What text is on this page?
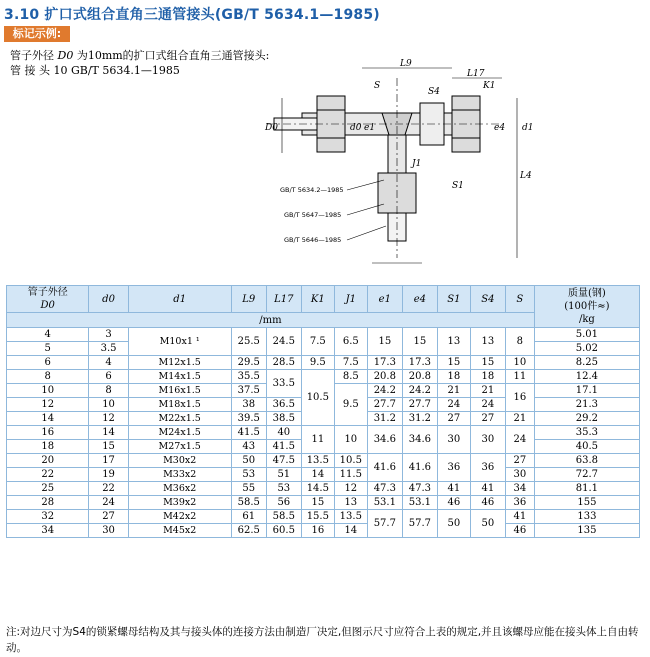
3.10 扩口式组合直角三通管接头(GB/T 5634.1—1985)
标记示例:
管子外径 D0 为10mm的扩口式组合直角三通管接头:
管 接 头 10 GB/T 5634.1—1985	L9
L17
K1
S
S4
D0	d0 e1	e4 d1
J1
S1
L4
GB/T 5634.2—1985
GB/T 5647—1985
GB/T 5646—1985
管子外径
D0	d0	d1	L9	L17	K1	J1	e1	e4	S1	S4	S	质量(钢)
(100件≈)
/kg
/mm												
4	3	M10x1 ¹	25.5	24.5	7.5	6.5	15	15	13	13	8	5.01
5	3.5											5.02
6	4	M12x1.5	29.5	28.5	9.5	7.5	17.3	17.3	15	15	10	8.25
8	6	M14x1.5	35.5	33.5	10.5	8.5	20.8	20.8	18	18	11	12.4
10	8	M16x1.5	37.5			9.5	24.2	24.2	21	21	16	17.1
12	10	M18x1.5	38	36.5			27.7	27.7	24	24		21.3
14	12	M22x1.5	39.5	38.5			31.2	31.2	27	27	21	29.2
16	14	M24x1.5	41.5	40	11	10	34.6	34.6	30	30	24	35.3
18	15	M27x1.5	43	41.5								40.5
20	17	M30x2	50	47.5	13.5	10.5	41.6	41.6	36	36	27	63.8
22	19	M33x2	53	51	14	11.5					30	72.7
25	22	M36x2	55	53	14.5	12	47.3	47.3	41	41	34	81.1
28	24	M39x2	58.5	56	15	13	53.1	53.1	46	46	36	155
32	27	M42x2	61	58.5	15.5	13.5	57.7	57.7	50	50	41	133
34	30	M45x2	62.5	60.5	16	14					46	135
注:对边尺寸为S4的锁紧螺母结构及其与接头体的连接方法由制造厂决定,但图示尺寸应符合上表的规定,并且该螺母应能在接头体上自由转动。
